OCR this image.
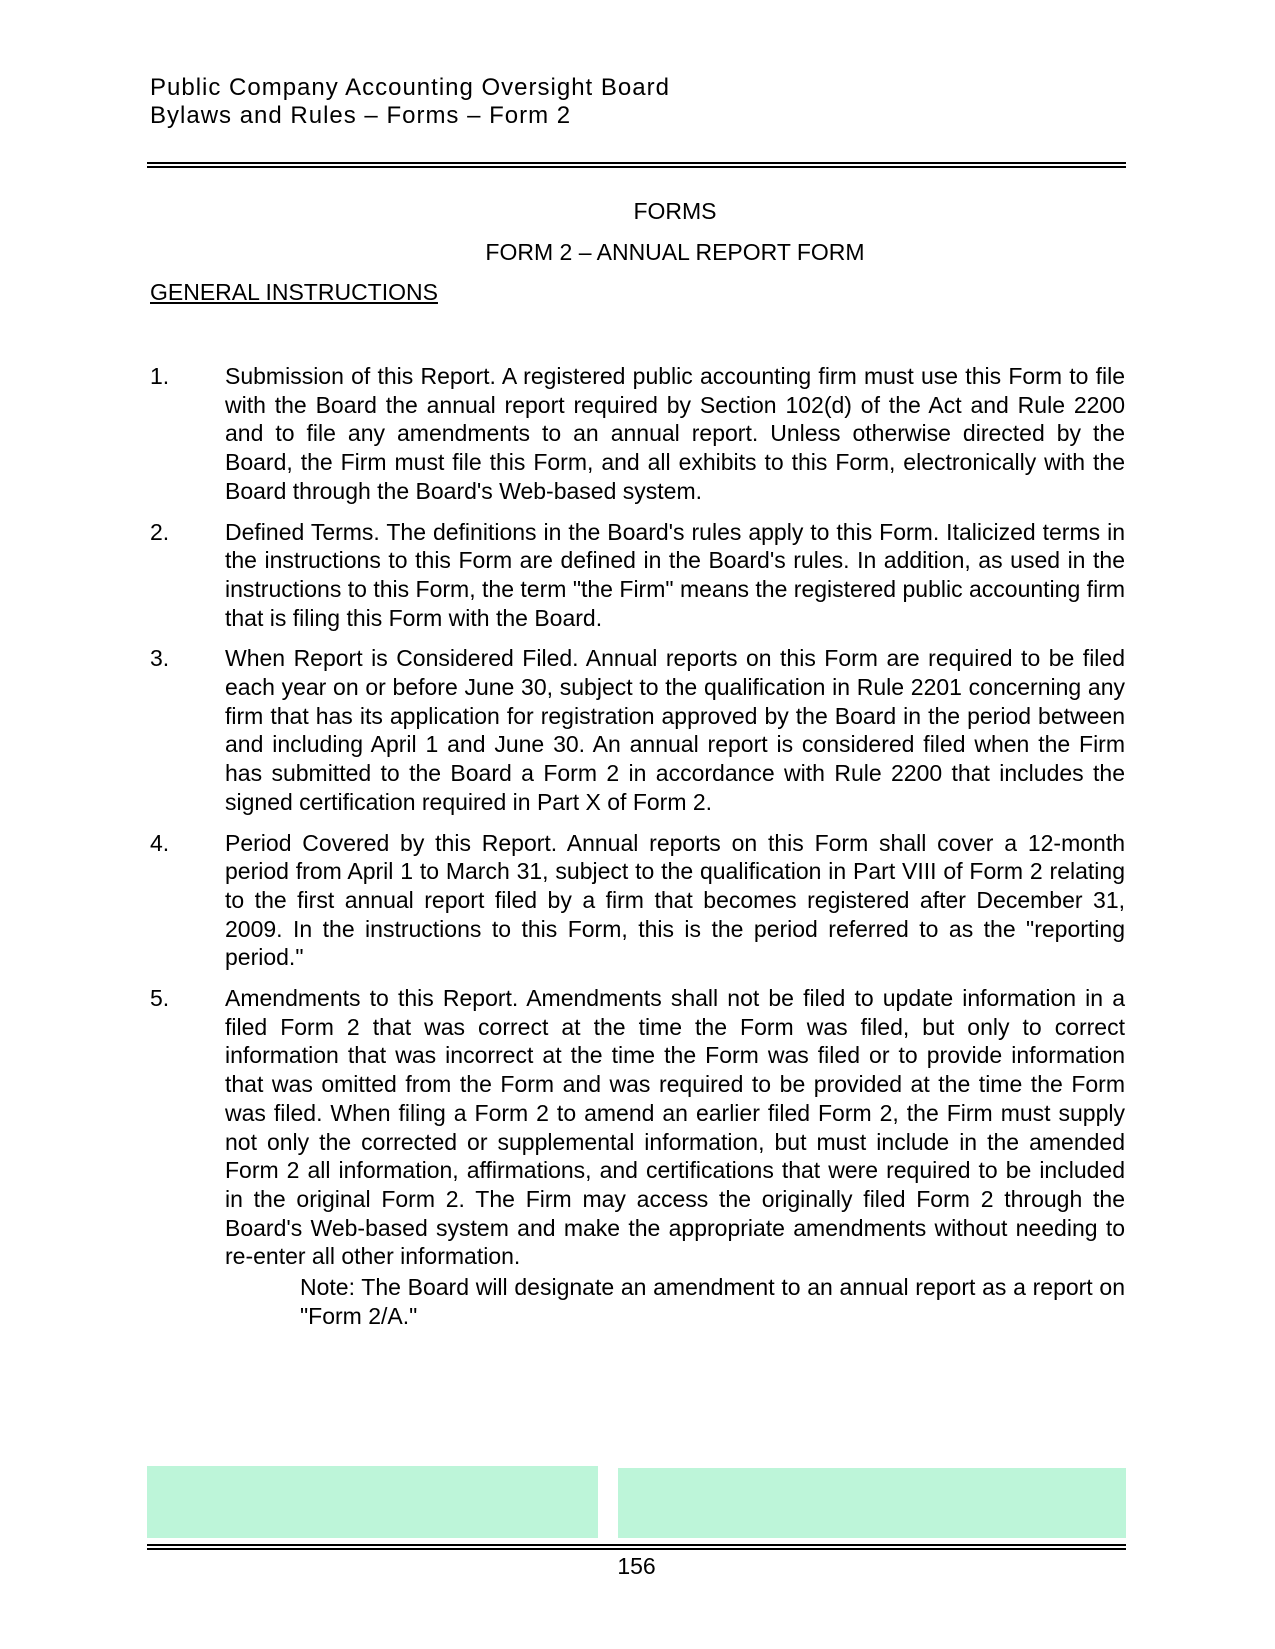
Public Company Accounting Oversight Board
Bylaws and Rules – Forms – Form 2
FORMS
FORM 2 – ANNUAL REPORT FORM
GENERAL INSTRUCTIONS
1. Submission of this Report. A registered public accounting firm must use this Form to file with the Board the annual report required by Section 102(d) of the Act and Rule 2200 and to file any amendments to an annual report. Unless otherwise directed by the Board, the Firm must file this Form, and all exhibits to this Form, electronically with the Board through the Board's Web-based system.
2. Defined Terms. The definitions in the Board's rules apply to this Form. Italicized terms in the instructions to this Form are defined in the Board's rules. In addition, as used in the instructions to this Form, the term "the Firm" means the registered public accounting firm that is filing this Form with the Board.
3. When Report is Considered Filed. Annual reports on this Form are required to be filed each year on or before June 30, subject to the qualification in Rule 2201 concerning any firm that has its application for registration approved by the Board in the period between and including April 1 and June 30. An annual report is considered filed when the Firm has submitted to the Board a Form 2 in accordance with Rule 2200 that includes the signed certification required in Part X of Form 2.
4. Period Covered by this Report. Annual reports on this Form shall cover a 12-month period from April 1 to March 31, subject to the qualification in Part VIII of Form 2 relating to the first annual report filed by a firm that becomes registered after December 31, 2009. In the instructions to this Form, this is the period referred to as the "reporting period."
5. Amendments to this Report. Amendments shall not be filed to update information in a filed Form 2 that was correct at the time the Form was filed, but only to correct information that was incorrect at the time the Form was filed or to provide information that was omitted from the Form and was required to be provided at the time the Form was filed. When filing a Form 2 to amend an earlier filed Form 2, the Firm must supply not only the corrected or supplemental information, but must include in the amended Form 2 all information, affirmations, and certifications that were required to be included in the original Form 2. The Firm may access the originally filed Form 2 through the Board's Web-based system and make the appropriate amendments without needing to re-enter all other information.
Note: The Board will designate an amendment to an annual report as a report on "Form 2/A."
156
